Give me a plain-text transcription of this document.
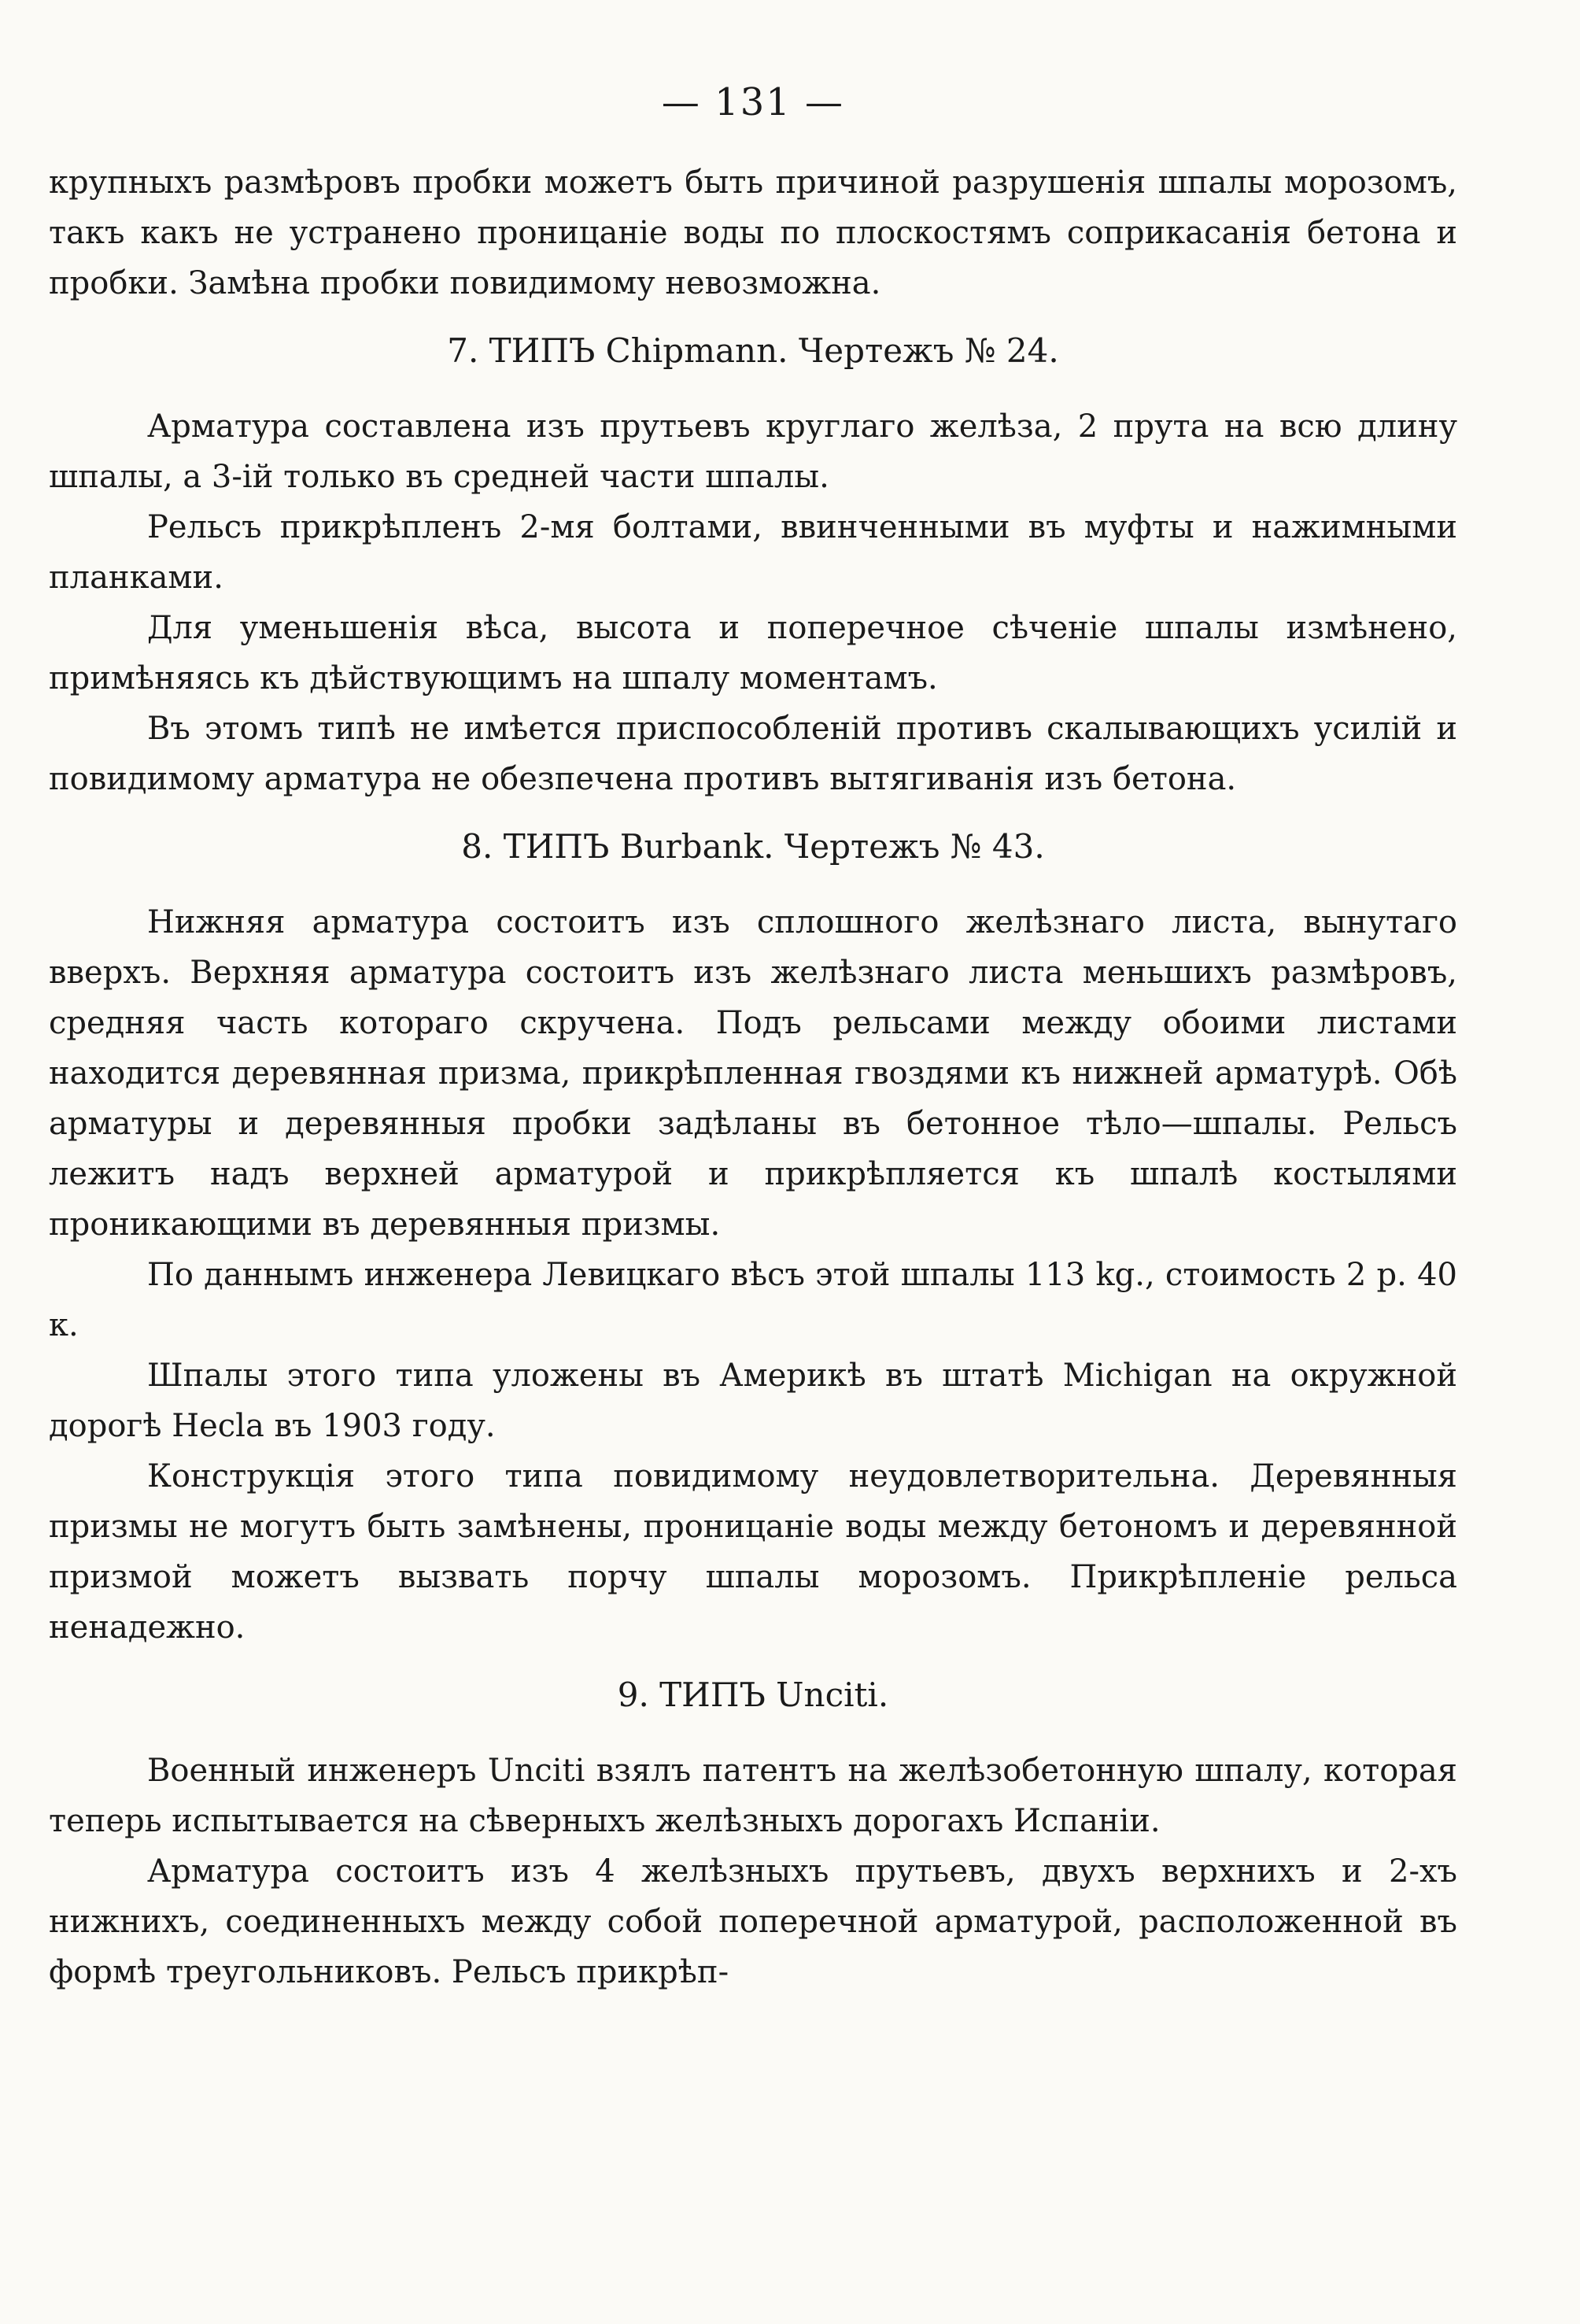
— 131 —

крупныхъ размѣровъ пробки можетъ быть причиной разрушенія шпалы морозомъ, такъ какъ не устранено проницаніе воды по плоскостямъ соприкасанія бетона и пробки. Замѣна пробки повидимому невозможна.

7. ТИПЪ Chipmann. Чертежъ № 24.

Арматура составлена изъ прутьевъ круглаго желѣза, 2 прута на всю длину шпалы, а 3-ій только въ средней части шпалы.

Рельсъ прикрѣпленъ 2-мя болтами, ввинченными въ муфты и нажимными планками.

Для уменьшенія вѣса, высота и поперечное сѣченіе шпалы измѣнено, примѣняясь къ дѣйствующимъ на шпалу моментамъ.

Въ этомъ типѣ не имѣется приспособленій противъ скалывающихъ усилій и повидимому арматура не обезпечена противъ вытягиванія изъ бетона.

8. ТИПЪ Burbank. Чертежъ № 43.

Нижняя арматура состоитъ изъ сплошного желѣзнаго листа, вынутаго вверхъ. Верхняя арматура состоитъ изъ желѣзнаго листа меньшихъ размѣровъ, средняя часть котораго скручена. Подъ рельсами между обоими листами находится деревянная призма, прикрѣпленная гвоздями къ нижней арматурѣ. Обѣ арматуры и деревянныя пробки задѣланы въ бетонное тѣло—шпалы. Рельсъ лежитъ надъ верхней арматурой и прикрѣпляется къ шпалѣ костылями проникающими въ деревянныя призмы.

По даннымъ инженера Левицкаго вѣсъ этой шпалы 113 kg., стоимость 2 р. 40 к.

Шпалы этого типа уложены въ Америкѣ въ штатѣ Michigan на окружной дорогѣ Hecla въ 1903 году.

Конструкція этого типа повидимому неудовлетворительна. Деревянныя призмы не могутъ быть замѣнены, проницаніе воды между бетономъ и деревянной призмой можетъ вызвать порчу шпалы морозомъ. Прикрѣпленіе рельса ненадежно.

9. ТИПЪ Unciti.

Военный инженеръ Unciti взялъ патентъ на желѣзобетонную шпалу, которая теперь испытывается на сѣверныхъ желѣзныхъ дорогахъ Испаніи.

Арматура состоитъ изъ 4 желѣзныхъ прутьевъ, двухъ верхнихъ и 2-хъ нижнихъ, соединенныхъ между собой поперечной арматурой, расположенной въ формѣ треугольниковъ. Рельсъ прикрѣп-
